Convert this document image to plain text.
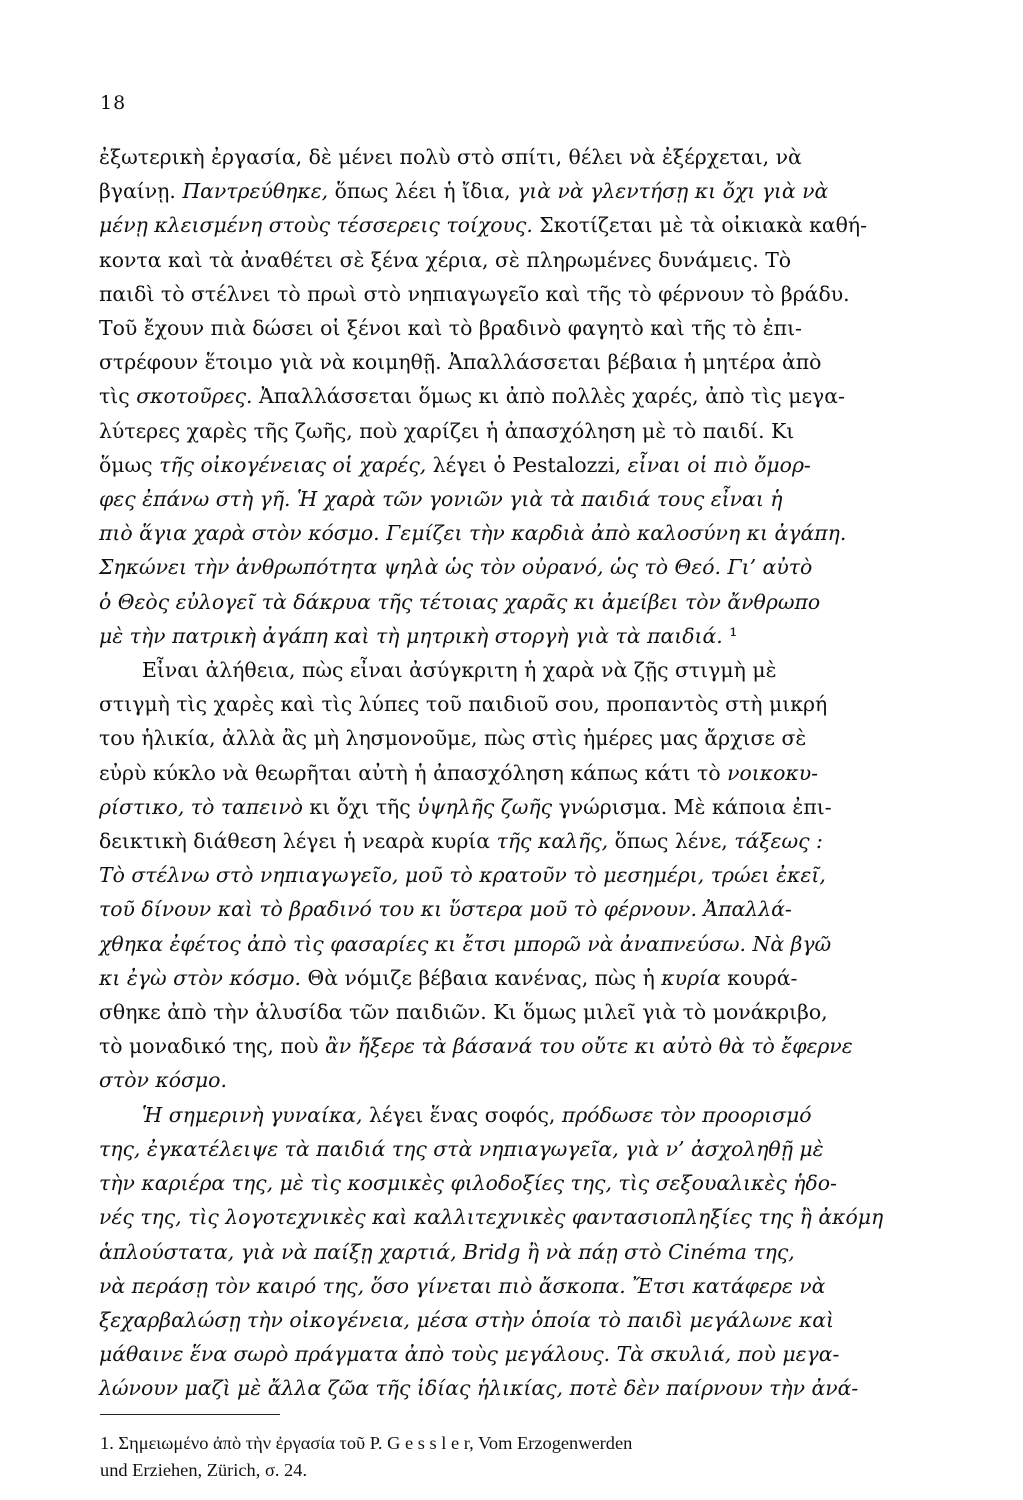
18
ἐξωτερικὴ ἐργασία, δὲ μένει πολὺ στὸ σπίτι, θέλει νὰ ἐξέρχεται, νὰ
βγαίνῃ. Παντρεύθηκε, ὅπως λέει ἡ ἴδια, γιὰ νὰ γλεντήσῃ κι ὄχι γιὰ νὰ
μένῃ κλεισμένη στοὺς τέσσερεις τοίχους. Σκοτίζεται μὲ τὰ οἰκιακὰ καθή-
κοντα καὶ τὰ ἀναθέτει σὲ ξένα χέρια, σὲ πληρωμένες δυνάμεις. Τὸ
παιδὶ τὸ στέλνει τὸ πρωὶ στὸ νηπιαγωγεῖο καὶ τῆς τὸ φέρνουν τὸ βράδυ.
Τοῦ ἔχουν πιὰ δώσει οἱ ξένοι καὶ τὸ βραδινὸ φαγητὸ καὶ τῆς τὸ ἐπι-
στρέφουν ἕτοιμο γιὰ νὰ κοιμηθῇ. Ἀπαλλάσσεται βέβαια ἡ μητέρα ἀπὸ
τὶς σκοτοῦρες. Ἀπαλλάσσεται ὅμως κι ἀπὸ πολλὲς χαρές, ἀπὸ τὶς μεγα-
λύτερες χαρὲς τῆς ζωῆς, ποὺ χαρίζει ἡ ἀπασχόληση μὲ τὸ παιδί. Κι
ὅμως τῆς οἰκογένειας οἱ χαρές, λέγει ὁ Pestalozzi, εἶναι οἱ πιὸ ὄμορ-
φες ἐπάνω στὴ γῆ. Ἡ χαρὰ τῶν γονιῶν γιὰ τὰ παιδιά τους εἶναι ἡ
πιὸ ἅγια χαρὰ στὸν κόσμο. Γεμίζει τὴν καρδιὰ ἀπὸ καλοσύνη κι ἀγάπη.
Σηκώνει τὴν ἀνθρωπότητα ψηλὰ ὡς τὸν οὐρανό, ὡς τὸ Θεό. Γι’ αὐτὸ
ὁ Θεὸς εὐλογεῖ τὰ δάκρυα τῆς τέτοιας χαρᾶς κι ἀμείβει τὸν ἄνθρωπο
μὲ τὴν πατρικὴ ἀγάπη καὶ τὴ μητρικὴ στοργὴ γιὰ τὰ παιδιά. ¹
Εἶναι ἀλήθεια, πὼς εἶναι ἀσύγκριτη ἡ χαρὰ νὰ ζῇς στιγμὴ μὲ
στιγμὴ τὶς χαρὲς καὶ τὶς λύπες τοῦ παιδιοῦ σου, προπαντὸς στὴ μικρή
του ἡλικία, ἀλλὰ ἂς μὴ λησμονοῦμε, πὼς στὶς ἡμέρες μας ἄρχισε σὲ
εὐρὺ κύκλο νὰ θεωρῆται αὐτὴ ἡ ἀπασχόληση κάπως κάτι τὸ νοικοκυ-
ρίστικο, τὸ ταπεινὸ κι ὄχι τῆς ὑψηλῆς ζωῆς γνώρισμα. Μὲ κάποια ἐπι-
δεικτικὴ διάθεση λέγει ἡ νεαρὰ κυρία τῆς καλῆς, ὅπως λένε, τάξεως :
Τὸ στέλνω στὸ νηπιαγωγεῖο, μοῦ τὸ κρατοῦν τὸ μεσημέρι, τρώει ἐκεῖ,
τοῦ δίνουν καὶ τὸ βραδινό του κι ὕστερα μοῦ τὸ φέρνουν. Ἀπαλλά-
χθηκα ἐφέτος ἀπὸ τὶς φασαρίες κι ἔτσι μπορῶ νὰ ἀναπνεύσω. Νὰ βγῶ
κι ἐγὼ στὸν κόσμο. Θὰ νόμιζε βέβαια κανένας, πὼς ἡ κυρία κουρά-
σθηκε ἀπὸ τὴν ἁλυσίδα τῶν παιδιῶν. Κι ὅμως μιλεῖ γιὰ τὸ μονάκριβο,
τὸ μοναδικό της, ποὺ ἂν ἤξερε τὰ βάσανά του οὔτε κι αὐτὸ θὰ τὸ ἔφερνε
στὸν κόσμο.
Ἡ σημερινὴ γυναίκα, λέγει ἕνας σοφός, πρόδωσε τὸν προορισμό
της, ἐγκατέλειψε τὰ παιδιά της στὰ νηπιαγωγεῖα, γιὰ ν’ ἀσχοληθῇ μὲ
τὴν καριέρα της, μὲ τὶς κοσμικὲς φιλοδοξίες της, τὶς σεξουαλικὲς ἡδο-
νές της, τὶς λογοτεχνικὲς καὶ καλλιτεχνικὲς φαντασιοπληξίες της ἢ ἀκόμη
ἁπλούστατα, γιὰ νὰ παίξῃ χαρτιά, Bridg ἢ νὰ πάῃ στὸ Cinéma της,
νὰ περάσῃ τὸν καιρό της, ὅσο γίνεται πιὸ ἄσκοπα. Ἔτσι κατάφερε νὰ
ξεχαρβαλώσῃ τὴν οἰκογένεια, μέσα στὴν ὁποία τὸ παιδὶ μεγάλωνε καὶ
μάθαινε ἕνα σωρὸ πράγματα ἀπὸ τοὺς μεγάλους. Τὰ σκυλιά, ποὺ μεγα-
λώνουν μαζὶ μὲ ἄλλα ζῶα τῆς ἰδίας ἡλικίας, ποτὲ δὲν παίρνουν τὴν ἀνά-
1. Σημειωμένο ἀπὸ τὴν ἐργασία τοῦ P. G e s s l e r, Vom Erzogenwerden
und Erziehen, Zürich, σ. 24.
